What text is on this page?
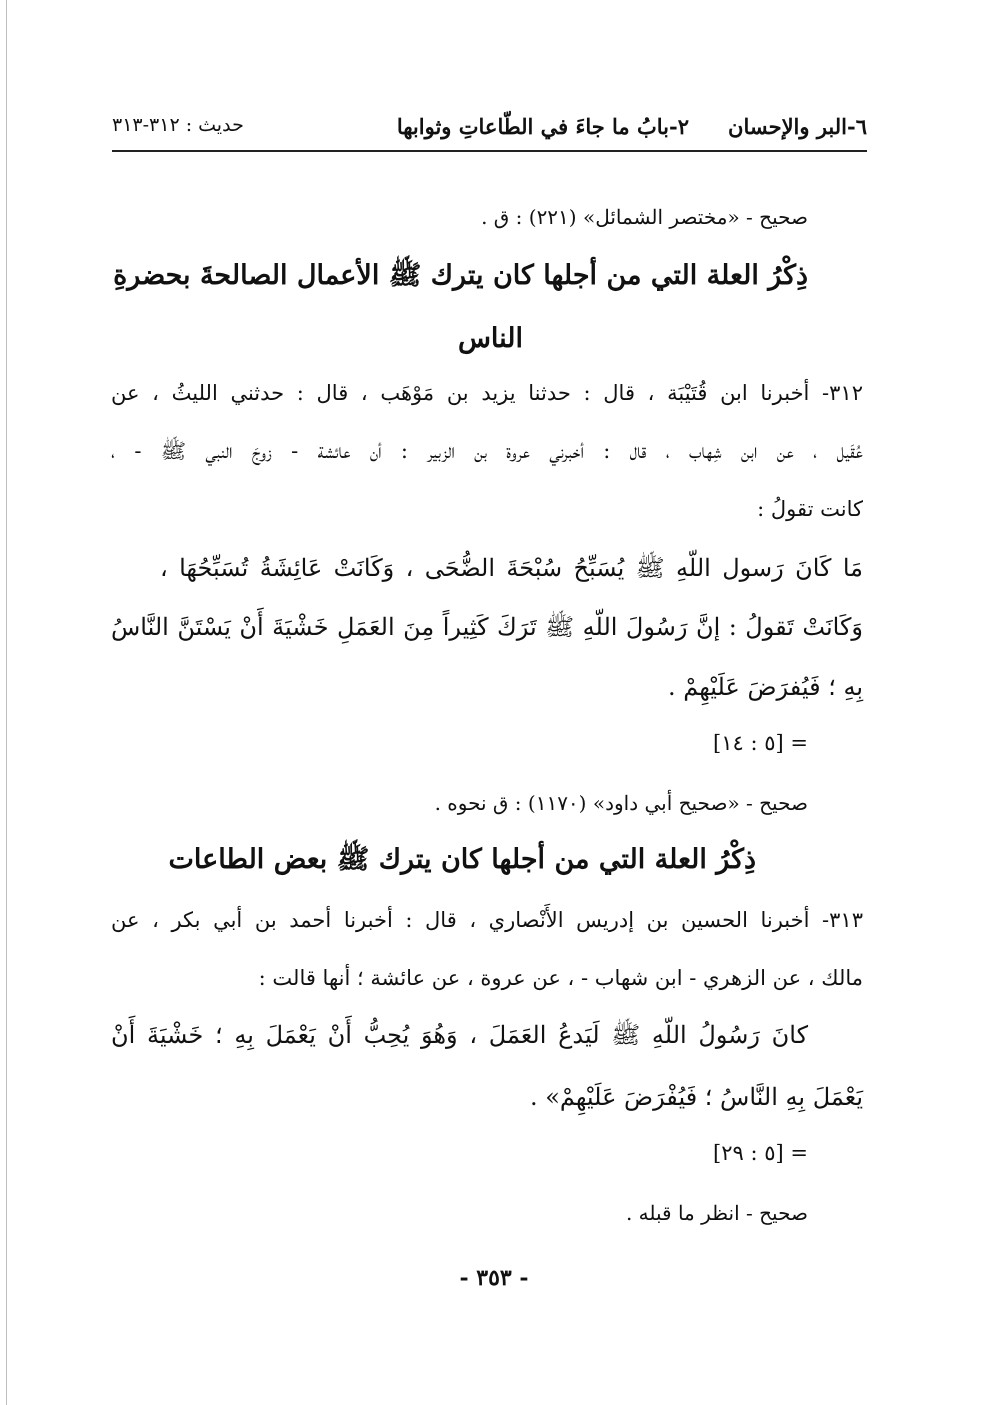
٦-البر والإحسان
٢-بابُ ما جاءَ في الطّاعاتِ وثوابها
حديث : ٣١٢-٣١٣
صحيح - «مختصر الشمائل» (٢٢١) : ق .
ذِكْرُ العلة التي من أجلها كان يترك ﷺ الأعمال الصالحةَ بحضرةِ
الناس
٣١٢- أخبرنا ابن قُتَيْبَة ، قال : حدثنا يزيد بن مَوْهَب ، قال : حدثني الليثُ ، عن
عُقَيل ، عن ابن شِهاب ، قال : أخبرني عروة بن الزبير : أن عائشة - زوجَ النبي ﷺ - ،
كانت تقولُ :
مَا كَانَ رَسول اللّهِ ﷺ يُسَبِّحُ سُبْحَةَ الضُّحَى ، وَكَانَتْ عَائِشَةُ تُسَبِّحُهَا ،
وَكَانَتْ تَقولُ : إنَّ رَسُولَ اللّهِ ﷺ تَرَكَ كَثِيراً مِنَ العَمَلِ خَشْيَةَ أَنْ يَسْتَنَّ النَّاسُ
بِهِ ؛ فَيُفرَضَ عَلَيْهِمْ .
= [٥ : ١٤]
صحيح - «صحيح أبي داود» (١١٧٠) : ق نحوه .
ذِكْرُ العلة التي من أجلها كان يترك ﷺ بعض الطاعات
٣١٣- أخبرنا الحسين بن إدريس الأَنْصاري ، قال : أخبرنا أحمد بن أبي بكر ، عن
مالك ، عن الزهري - ابن شهاب - ، عن عروة ، عن عائشة ؛ أنها قالت :
كانَ رَسُولُ اللّهِ ﷺ لَيَدعُ العَمَلَ ، وَهُوَ يُحِبُّ أَنْ يَعْمَلَ بِهِ ؛ خَشْيَةَ أَنْ
يَعْمَلَ بِهِ النَّاسُ ؛ فَيُفْرَضَ عَلَيْهِمْ» .
= [٥ : ٢٩]
صحيح - انظر ما قبله .
- ٣٥٣ -
